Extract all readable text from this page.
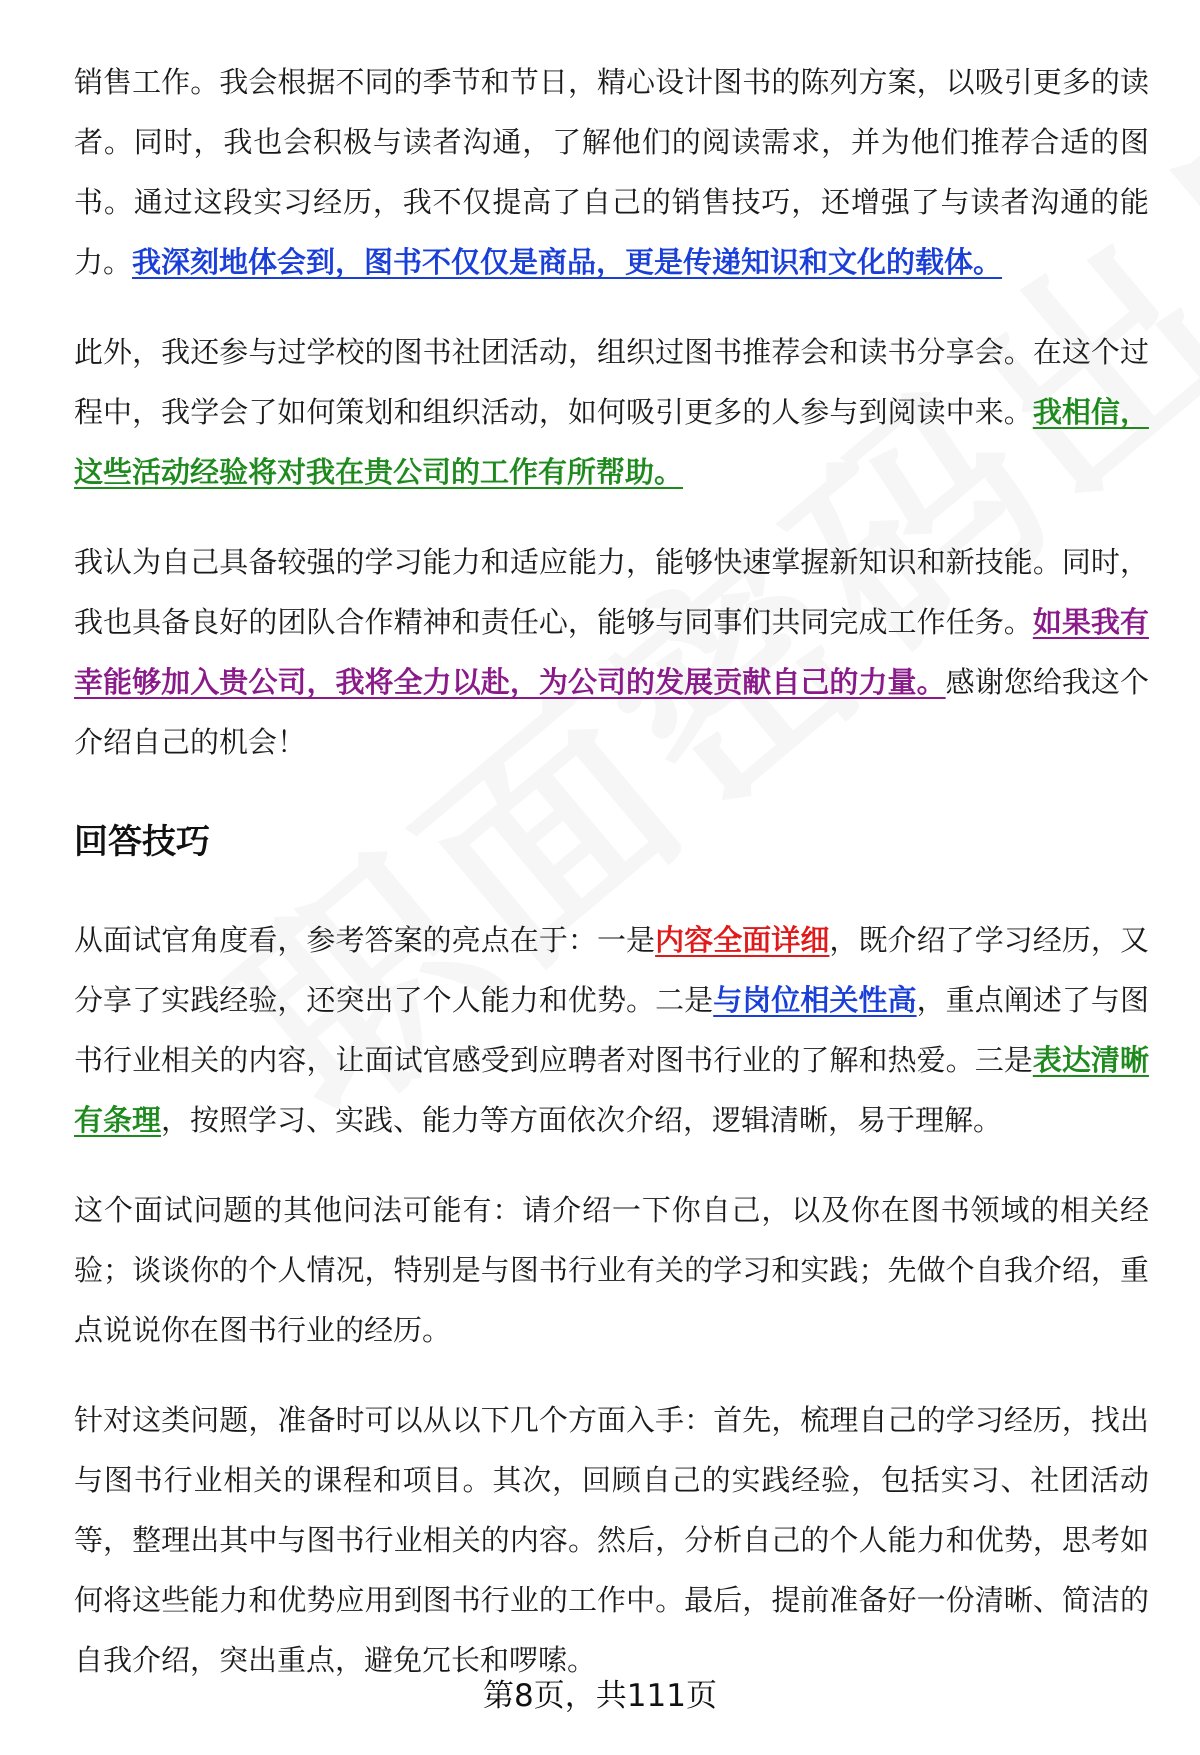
销售工作。我会根据不同的季节和节日，精心设计图书的陈列方案，以吸引更多的读者。同时，我也会积极与读者沟通，了解他们的阅读需求，并为他们推荐合适的图书。通过这段实习经历，我不仅提高了自己的销售技巧，还增强了与读者沟通的能力。我深刻地体会到，图书不仅仅是商品，更是传递知识和文化的载体。

此外，我还参与过学校的图书社团活动，组织过图书推荐会和读书分享会。在这个过程中，我学会了如何策划和组织活动，如何吸引更多的人参与到阅读中来。我相信，这些活动经验将对我在贵公司的工作有所帮助。

我认为自己具备较强的学习能力和适应能力，能够快速掌握新知识和新技能。同时，我也具备良好的团队合作精神和责任心，能够与同事们共同完成工作任务。如果我有幸能够加入贵公司，我将全力以赴，为公司的发展贡献自己的力量。感谢您给我这个介绍自己的机会！

回答技巧

从面试官角度看，参考答案的亮点在于：一是内容全面详细，既介绍了学习经历，又分享了实践经验，还突出了个人能力和优势。二是与岗位相关性高，重点阐述了与图书行业相关的内容，让面试官感受到应聘者对图书行业的了解和热爱。三是表达清晰有条理，按照学习、实践、能力等方面依次介绍，逻辑清晰，易于理解。

这个面试问题的其他问法可能有：请介绍一下你自己，以及你在图书领域的相关经验；谈谈你的个人情况，特别是与图书行业有关的学习和实践；先做个自我介绍，重点说说你在图书行业的经历。

针对这类问题，准备时可以从以下几个方面入手：首先，梳理自己的学习经历，找出与图书行业相关的课程和项目。其次，回顾自己的实践经验，包括实习、社团活动等，整理出其中与图书行业相关的内容。然后，分析自己的个人能力和优势，思考如何将这些能力和优势应用到图书行业的工作中。最后，提前准备好一份清晰、简洁的自我介绍，突出重点，避免冗长和啰嗦。

第8页，共111页
